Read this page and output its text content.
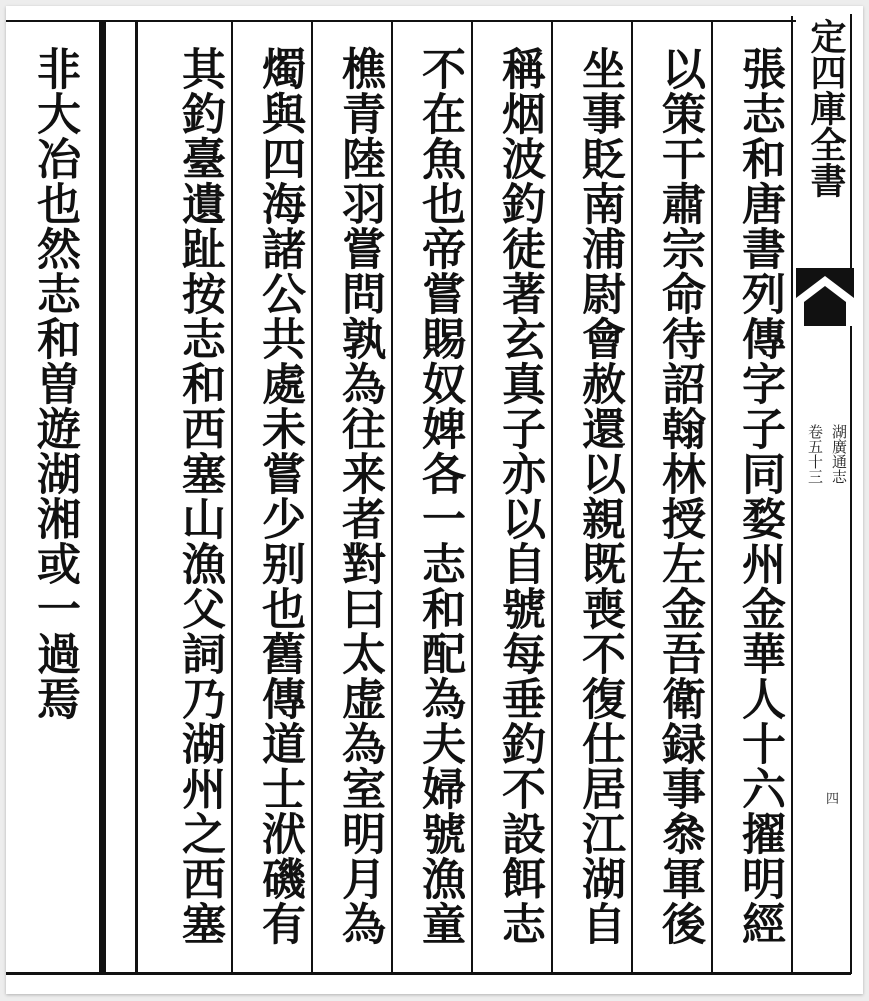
定四庫全書
湖廣通志
卷五十三
四
張志和唐書列傳字子同婺州金華人十六擢明經
以策干肅宗命待詔翰林授左金吾衛録事叅軍後
坐事貶南浦尉會赦還以親既喪不復仕居江湖自
稱烟波釣徒著玄真子亦以自號每垂釣不設餌志
不在魚也帝嘗賜奴婢各一志和配為夫婦號漁童
樵青陸羽嘗問孰為往来者對曰太虚為室明月為
燭與四海諸公共處未嘗少别也舊傳道士洑磯有
其釣臺遺趾按志和西塞山漁父詞乃湖州之西塞
非大冶也然志和曽遊湖湘或一過焉
